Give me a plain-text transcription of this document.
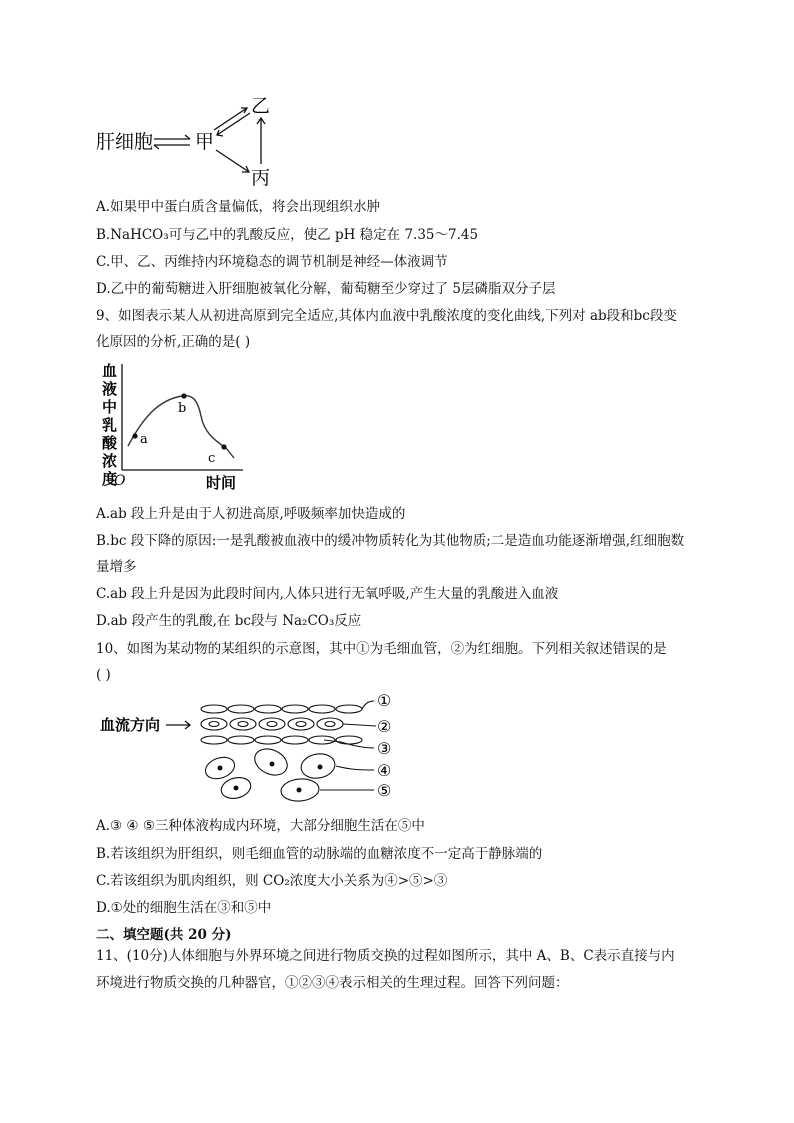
肝细胞 甲
乙
丙
A.如果甲中蛋白质含量偏低，将会出现组织水肿
B.NaHCO₃可与乙中的乳酸反应，使乙 pH 稳定在 7.35～7.45
C.甲、乙、丙维持内环境稳态的调节机制是神经—体液调节
D.乙中的葡萄糖进入肝细胞被氧化分解，葡萄糖至少穿过了 5层磷脂双分子层
9、如图表示某人从初进高原到完全适应,其体内血液中乳酸浓度的变化曲线,下列对 ab段和bc段变
化原因的分析,正确的是( )
血
液
中
乳
酸
浓
度
O	时间
a
b
c
A.ab 段上升是由于人初进高原,呼吸频率加快造成的
B.bc 段下降的原因:一是乳酸被血液中的缓冲物质转化为其他物质;二是造血功能逐渐增强,红细胞数
量增多
C.ab 段上升是因为此段时间内,人体只进行无氧呼吸,产生大量的乳酸进入血液
D.ab 段产生的乳酸,在 bc段与 Na₂CO₃反应
10、如图为某动物的某组织的示意图，其中①为毛细血管，②为红细胞。下列相关叙述错误的是
( )
血流方向
①
②
③
④
⑤
A.③ ④ ⑤三种体液构成内环境，大部分细胞生活在⑤中
B.若该组织为肝组织，则毛细血管的动脉端的血糖浓度不一定高于静脉端的
C.若该组织为肌肉组织，则 CO₂浓度大小关系为④>⑤>③
D.①处的细胞生活在③和⑤中
二、填空题(共 20 分)
11、(10分)人体细胞与外界环境之间进行物质交换的过程如图所示，其中 A、B、C表示直接与内
环境进行物质交换的几种器官，①②③④表示相关的生理过程。回答下列问题：
